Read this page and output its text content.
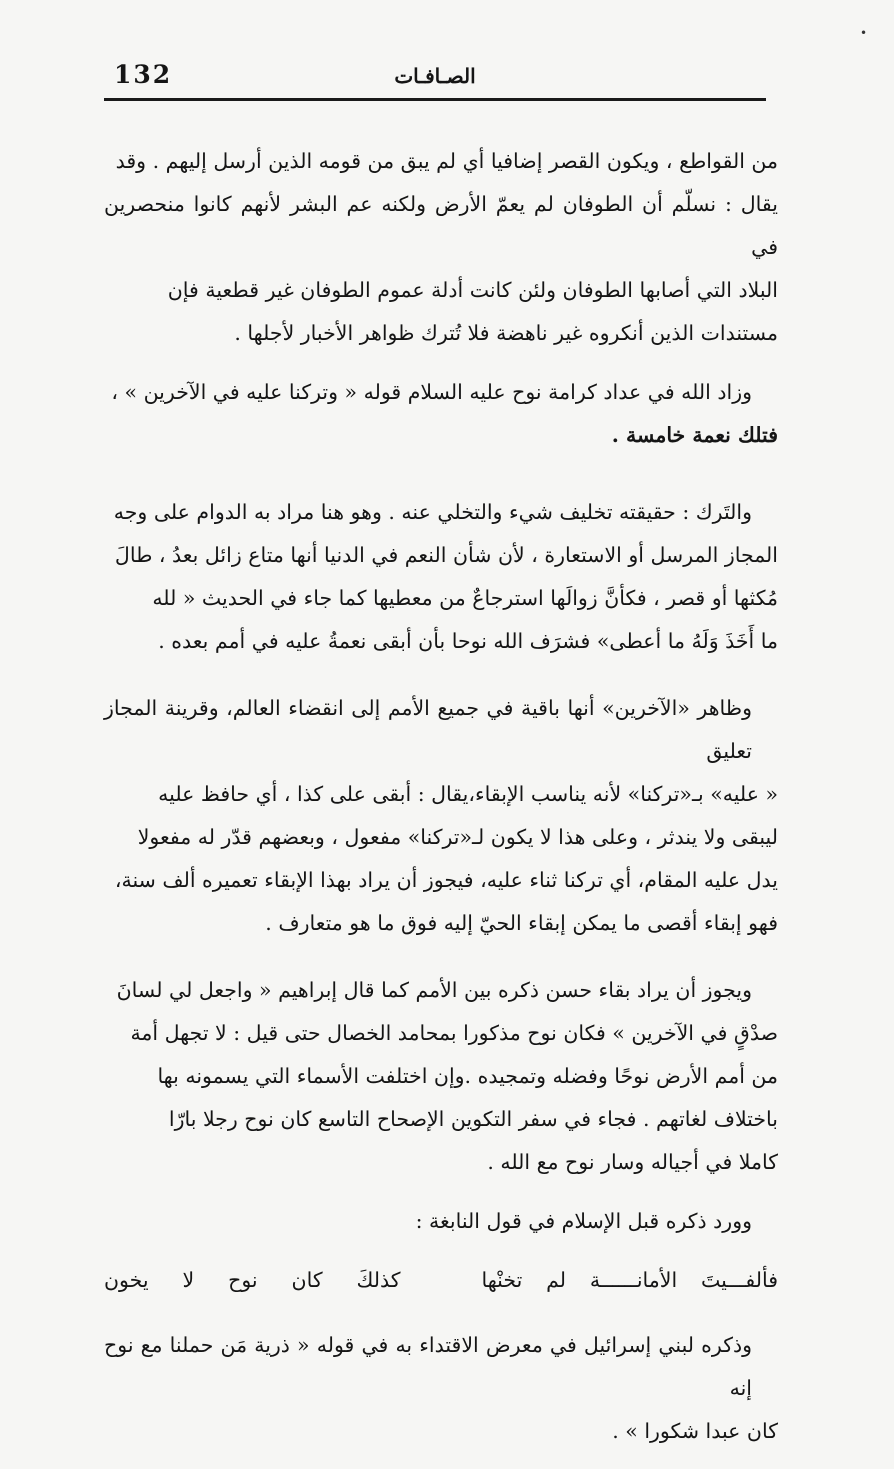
•
132	الصـافـات

من القواطع ، ويكون القصر إضافيا أي لم يبق من قومه الذين أرسل إليهم . وقد
يقال : نسلّم أن الطوفان لم يعمّ الأرض ولكنه عم البشر لأنهم كانوا منحصرين في
البلاد التي أصابها الطوفان ولئن كانت أدلة عموم الطوفان غير قطعية فإن
مستندات الذين أنكروه غير ناهضة فلا تُترك ظواهر الأخبار لأجلها .

وزاد الله في عداد كرامة نوح عليه السلام قوله « وتركنا عليه في الآخرين » ،
فتلك نعمة خامسة .

والتَرك : حقيقته تخليف شيء والتخلي عنه . وهو هنا مراد به الدوام على وجه
المجاز المرسل أو الاستعارة ، لأن شأن النعم في الدنيا أنها متاع زائل بعدُ ، طالَ
مُكثها أو قصر ، فكأنَّ زوالَها استرجاعٌ من معطيها كما جاء في الحديث « لله
ما أَخَذَ وَلَهُ ما أعطى» فشرَف الله نوحا بأن أبقى نعمةُ عليه في أمم بعده .

وظاهر «الآخرين» أنها باقية في جميع الأمم إلى انقضاء العالم، وقرينة المجاز تعليق
« عليه» بـ«تركنا» لأنه يناسب الإبقاء،يقال : أبقى على كذا ، أي حافظ عليه
ليبقى ولا يندثر ، وعلى هذا لا يكون لـ«تركنا» مفعول ، وبعضهم قدّر له مفعولا
يدل عليه المقام، أي تركنا ثناء عليه، فيجوز أن يراد بهذا الإبقاء تعميره ألف سنة،
فهو إبقاء أقصى ما يمكن إبقاء الحيّ إليه فوق ما هو متعارف .

ويجوز أن يراد بقاء حسن ذكره بين الأمم كما قال إبراهيم « واجعل لي لسانَ
صدْقٍ في الآخرين » فكان نوح مذكورا بمحامد الخصال حتى قيل : لا تجهل أمة
من أمم الأرض نوحًا وفضله وتمجيده .وإن اختلفت الأسماء التي يسمونه بها
باختلاف لغاتهم . فجاء في سفر التكوين الإصحاح التاسع كان نوح رجلا بارّا
كاملا في أجياله وسار نوح مع الله .

وورد ذكره قبل الإسلام في قول النابغة :

فألفـــيتَ الأمانــــــة لم تخنْها
كذلكَ كان نوح لا يخون

وذكره لبني إسرائيل في معرض الاقتداء به في قوله « ذرية مَن حملنا مع نوح إنه
كان عبدا شكورا » .
